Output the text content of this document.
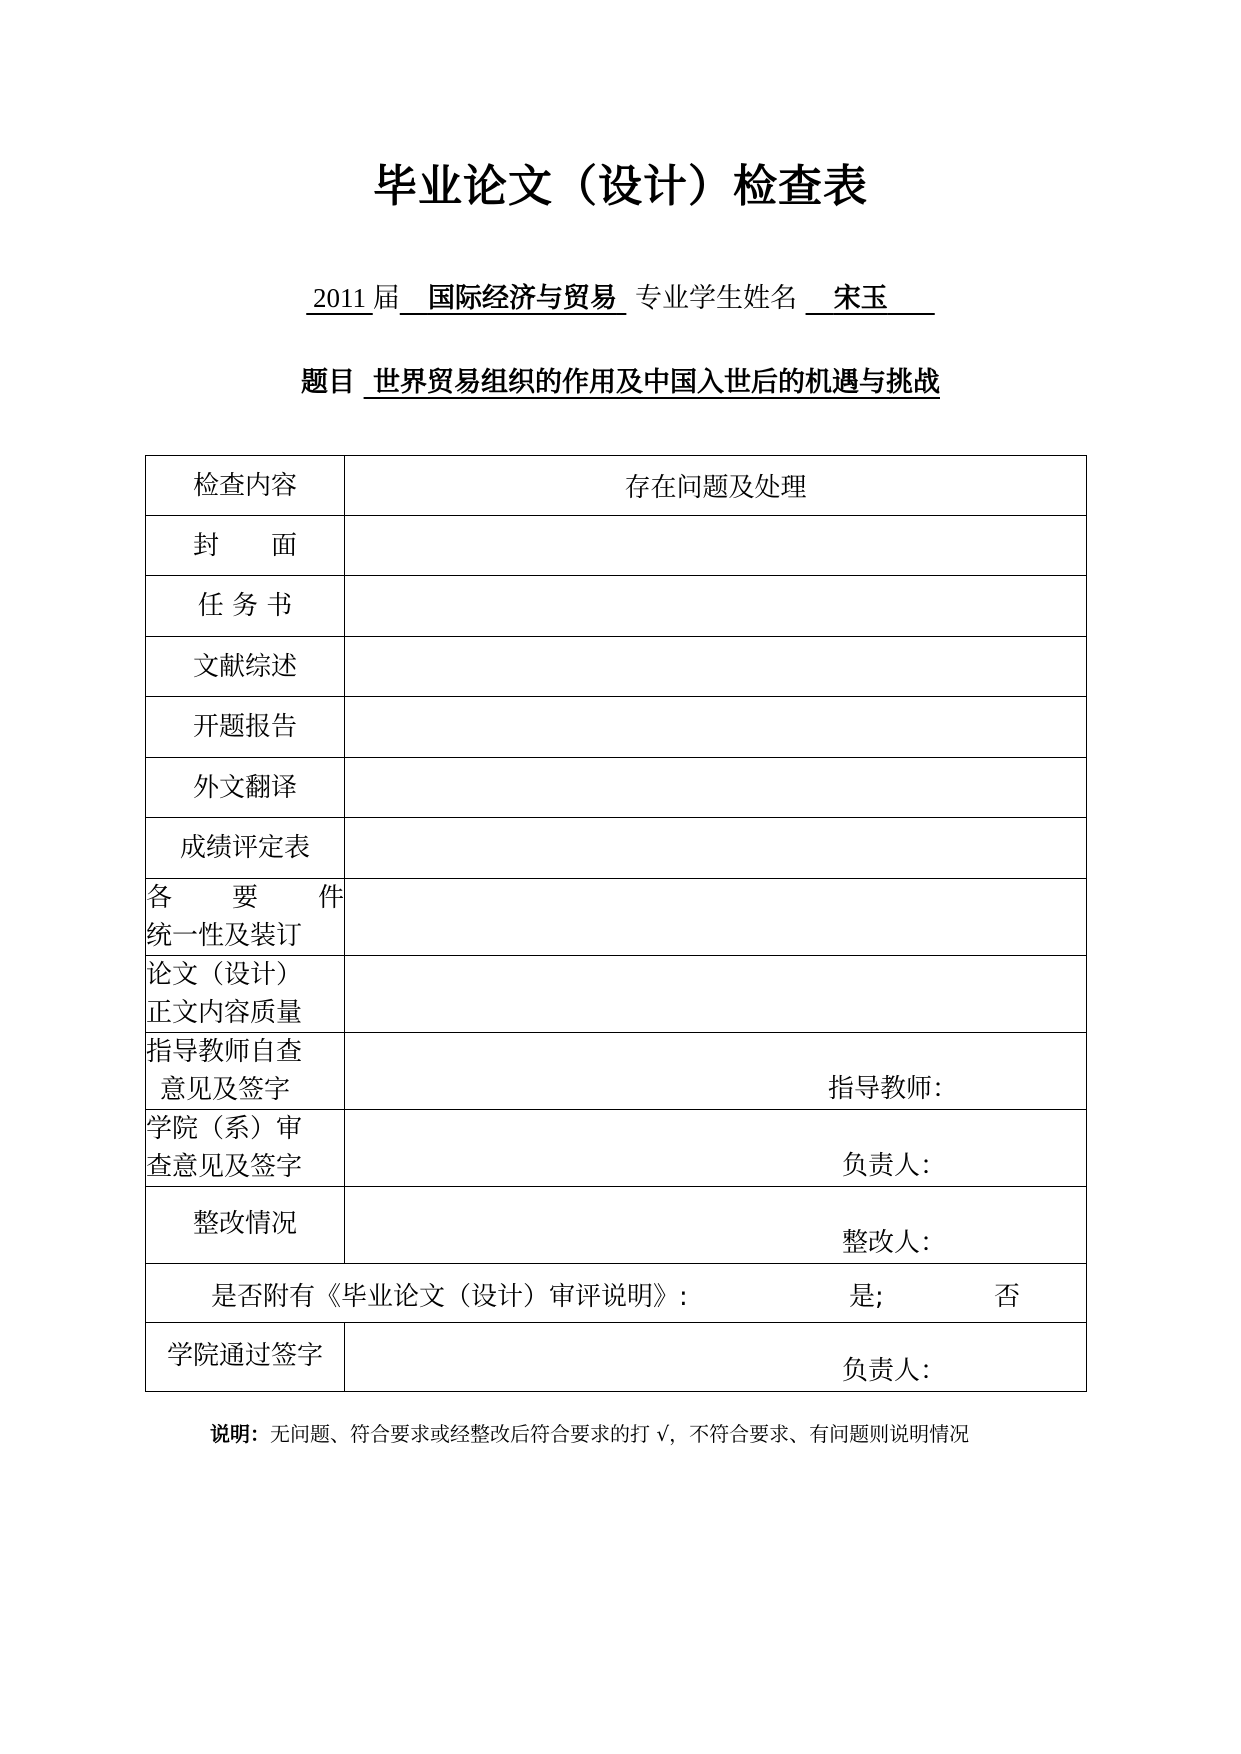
毕业论文（设计）检查表
2011 届 国际经济与贸易 专业学生姓名 宋玉
题目 世界贸易组织的作用及中国入世后的机遇与挑战
检查内容	存在问题及处理
封　　面	
任 务 书	
文献综述	
开题报告	
外文翻译	
成绩评定表	

各 要 件
统一性及装订	

论文（设计）
正文内容质量	

指导教师自查
意见及签字	指导教师：

学院（系）审
查意见及签字	负责人：

整改情况	整改人：

是否附有《毕业论文（设计）审评说明》: 是; 否	

学院通过签字	负责人：
说明：无问题、符合要求或经整改后符合要求的打 √，不符合要求、有问题则说明情况
